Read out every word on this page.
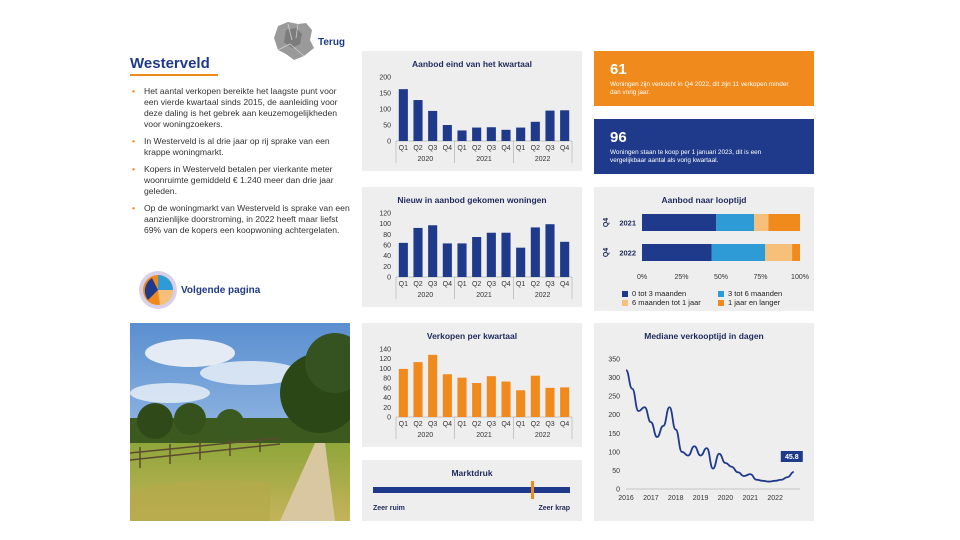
Terug
Westerveld
• Het aantal verkopen bereikte het laagste punt voor een vierde kwartaal sinds 2015, de aanleiding voor deze daling is het gebrek aan keuzemogelijkheden voor woningzoekers.
• In Westerveld is al drie jaar op rij sprake van een krappe woningmarkt.
• Kopers in Westerveld betalen per vierkante meter woonruimte gemiddeld € 1.240 meer dan drie jaar geleden.
• Op de woningmarkt van Westerveld is sprake van een aanzienlijke doorstroming, in 2022 heeft maar liefst 69% van de kopers een koopwoning achtergelaten.
Volgende pagina
Aanbod eind van het kwartaal
200
150
100
50
0
Q1 Q2 Q3 Q4 Q1 Q2 Q3 Q4 Q1 Q2 Q3 Q4
2020	2021	2022
Nieuw in aanbod gekomen woningen
120
100
80
60
40
20
0
Q1 Q2 Q3 Q4 Q1 Q2 Q3 Q4 Q1 Q2 Q3 Q4
2020	2021	2022
Verkopen per kwartaal
140
120
100
80
60
40
20
0
Q1 Q2 Q3 Q4 Q1 Q2 Q3 Q4 Q1 Q2 Q3 Q4
2020	2021	2022
Marktdruk
Zeer ruim	Zeer krap
61
Woningen zijn verkocht in Q4 2022, dit zijn 11 verkopen minder dan vorig jaar.
96
Woningen staan te koop per 1 januari 2023, dit is een vergelijkbaar aantal als vorig kwartaal.
Aanbod naar looptijd
Q4 2021
Q4 2022
0%	25%	50%	75%	100%
0 tot 3 maanden	3 tot 6 maanden
6 maanden tot 1 jaar	1 jaar en langer
Mediane verkooptijd in dagen
350
300
250
200
150
100
50
0
2016 2017 2018 2019 2020 2021 2022
45.8
